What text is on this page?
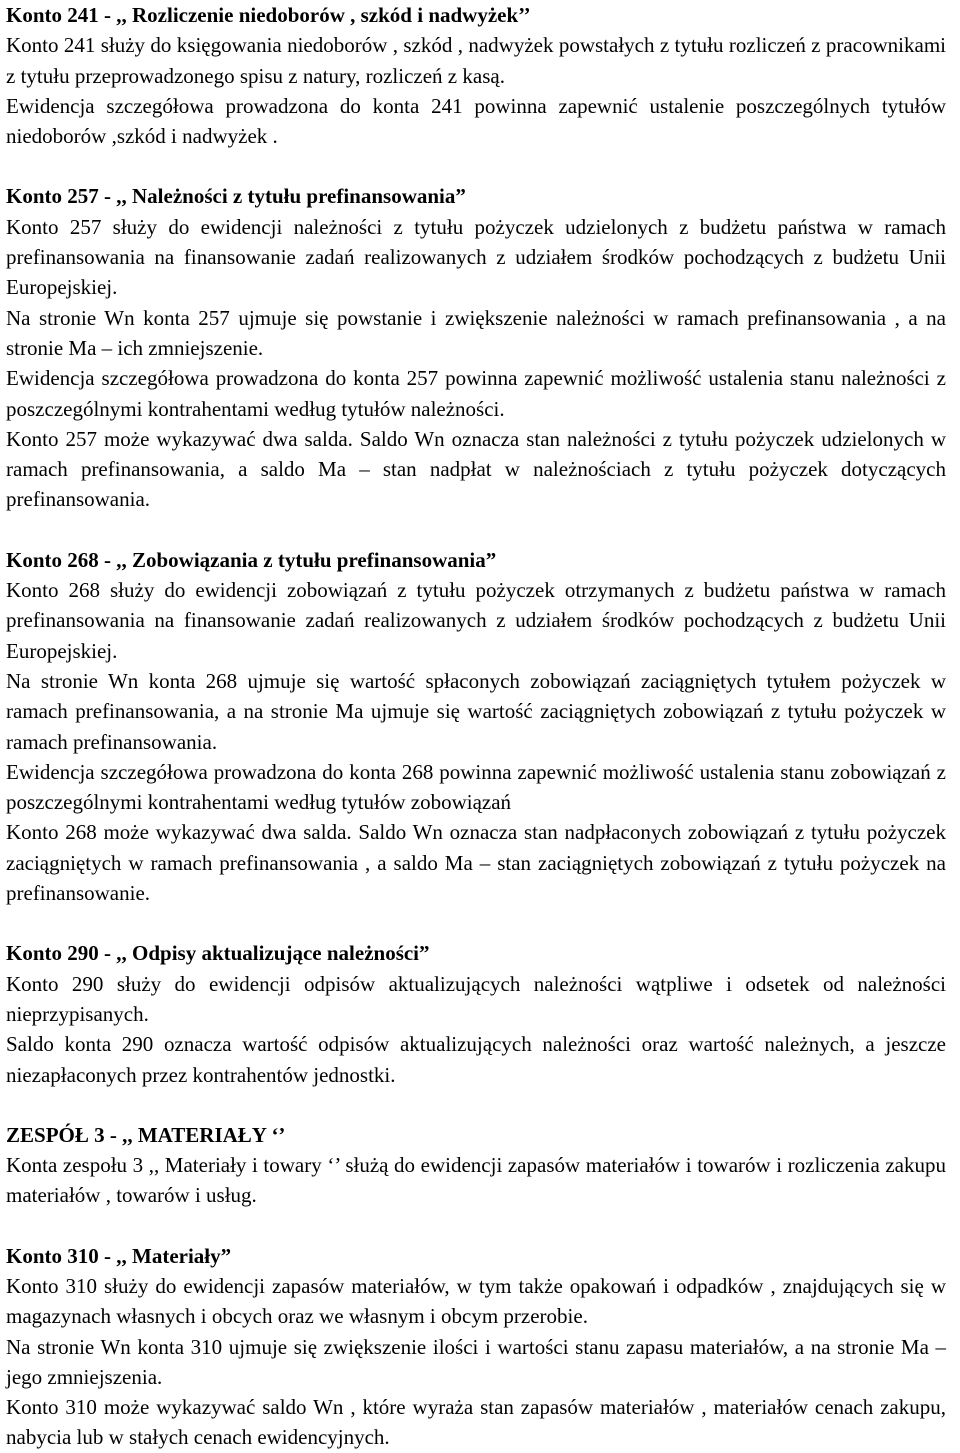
Konto 241 - ,, Rozliczenie niedoborów , szkód i nadwyżek’’

Konto 241 służy do księgowania niedoborów , szkód , nadwyżek powstałych z tytułu rozliczeń z pracownikami z tytułu przeprowadzonego spisu z natury, rozliczeń z kasą.

Ewidencja szczegółowa prowadzona do konta 241 powinna zapewnić ustalenie poszczególnych tytułów niedoborów ,szkód i nadwyżek .

Konto 257 - ,, Należności z tytułu prefinansowania”

Konto 257 służy do ewidencji należności z tytułu pożyczek udzielonych z budżetu państwa w ramach prefinansowania na finansowanie zadań realizowanych z udziałem środków pochodzących z budżetu Unii Europejskiej.

Na stronie Wn konta 257 ujmuje się powstanie i zwiększenie należności w ramach prefinansowania , a na stronie Ma – ich zmniejszenie.

Ewidencja szczegółowa prowadzona do konta 257 powinna zapewnić możliwość ustalenia stanu należności z poszczególnymi kontrahentami według tytułów należności.

Konto 257 może wykazywać dwa salda. Saldo Wn oznacza stan należności z tytułu pożyczek udzielonych w ramach prefinansowania, a saldo Ma – stan nadpłat w należnościach z tytułu pożyczek dotyczących prefinansowania.

Konto 268 - ,, Zobowiązania z tytułu prefinansowania”

Konto 268 służy do ewidencji zobowiązań z tytułu pożyczek otrzymanych z budżetu państwa w ramach prefinansowania na finansowanie zadań realizowanych z udziałem środków pochodzących z budżetu Unii Europejskiej.

Na stronie Wn konta 268 ujmuje się wartość spłaconych zobowiązań zaciągniętych tytułem pożyczek w ramach prefinansowania, a na stronie Ma ujmuje się wartość zaciągniętych zobowiązań z tytułu pożyczek w ramach prefinansowania.

Ewidencja szczegółowa prowadzona do konta 268 powinna zapewnić możliwość ustalenia stanu zobowiązań z poszczególnymi kontrahentami według tytułów zobowiązań

Konto 268 może wykazywać dwa salda. Saldo Wn oznacza stan nadpłaconych zobowiązań z tytułu pożyczek zaciągniętych w ramach prefinansowania , a saldo Ma – stan zaciągniętych zobowiązań z tytułu pożyczek na prefinansowanie.

Konto 290 - ,, Odpisy aktualizujące należności”

Konto 290 służy do ewidencji odpisów aktualizujących należności wątpliwe i odsetek od należności nieprzypisanych.

Saldo konta 290 oznacza wartość odpisów aktualizujących należności oraz wartość należnych, a jeszcze niezapłaconych przez kontrahentów jednostki.

ZESPÓŁ 3 - ,, MATERIAŁY ‘’

Konta zespołu 3 ,, Materiały i towary ‘’ służą do ewidencji zapasów materiałów i towarów i rozliczenia zakupu materiałów , towarów i usług.

Konto 310 - ,, Materiały”

Konto 310 służy do ewidencji zapasów materiałów, w tym także opakowań i odpadków , znajdujących się w magazynach własnych i obcych oraz we własnym i obcym przerobie.

Na stronie Wn konta 310 ujmuje się zwiększenie ilości i wartości stanu zapasu materiałów, a na stronie Ma – jego zmniejszenia.

Konto 310 może wykazywać saldo Wn , które wyraża stan zapasów materiałów , materiałów cenach zakupu, nabycia lub w stałych cenach ewidencyjnych.
